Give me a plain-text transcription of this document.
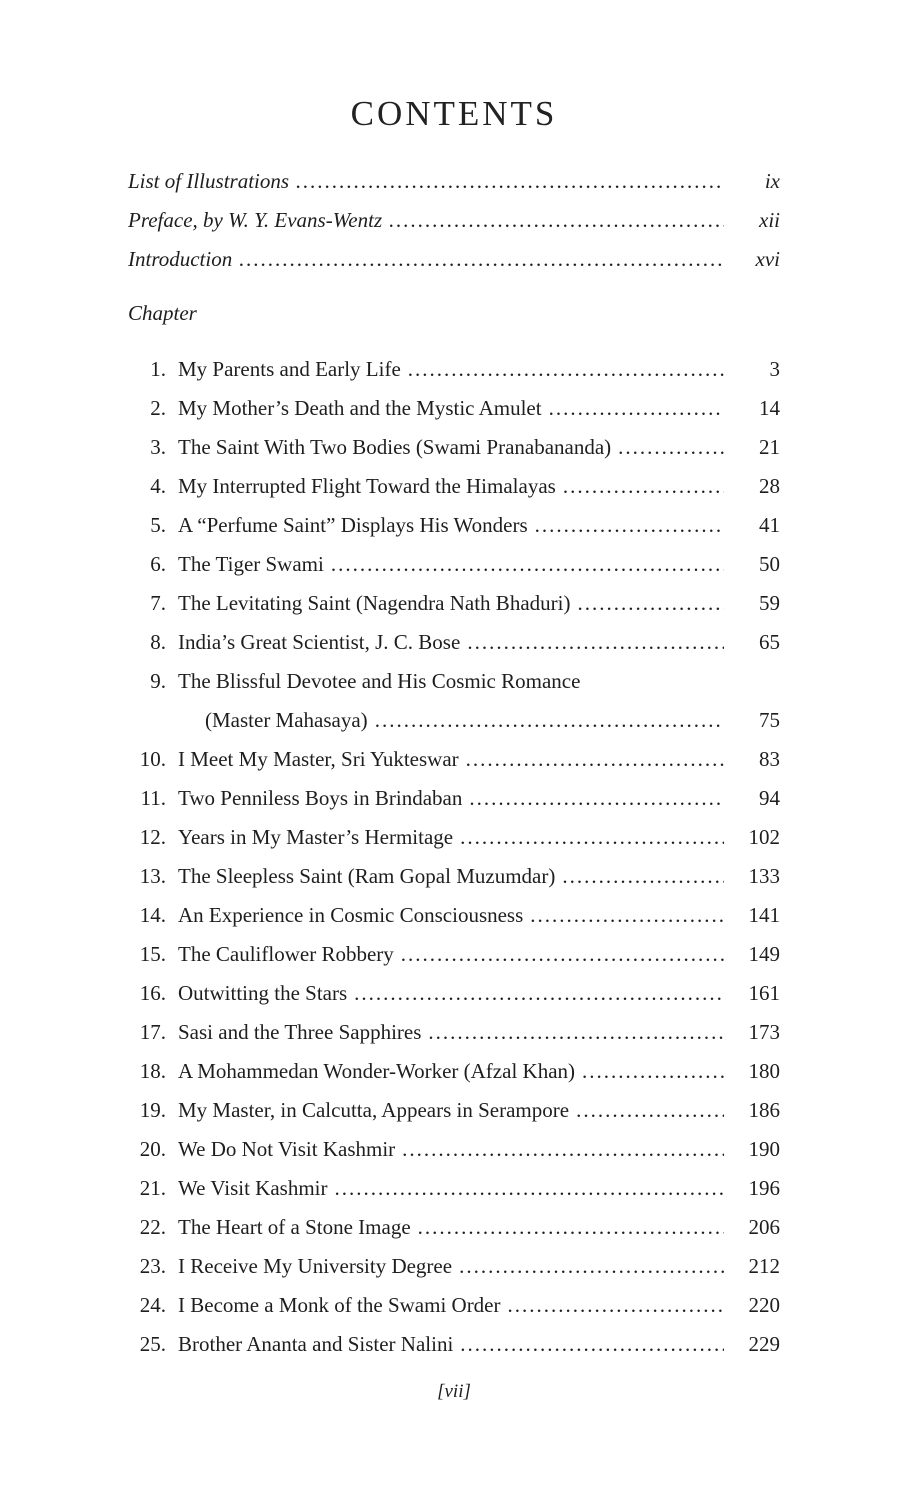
CONTENTS
List of Illustrations .....	ix
Preface, by W. Y. Evans-Wentz .....	xii
Introduction .....	xvi
Chapter
1. My Parents and Early Life .....	3
2. My Mother’s Death and the Mystic Amulet .....	14
3. The Saint With Two Bodies (Swami Pranabananda) .....	21
4. My Interrupted Flight Toward the Himalayas .....	28
5. A “Perfume Saint” Displays His Wonders .....	41
6. The Tiger Swami .....	50
7. The Levitating Saint (Nagendra Nath Bhaduri) .....	59
8. India’s Great Scientist, J. C. Bose .....	65
9. The Blissful Devotee and His Cosmic Romance
(Master Mahasaya) .....	75
10. I Meet My Master, Sri Yukteswar .....	83
11. Two Penniless Boys in Brindaban .....	94
12. Years in My Master’s Hermitage .....	102
13. The Sleepless Saint (Ram Gopal Muzumdar) .....	133
14. An Experience in Cosmic Consciousness .....	141
15. The Cauliflower Robbery .....	149
16. Outwitting the Stars .....	161
17. Sasi and the Three Sapphires .....	173
18. A Mohammedan Wonder-Worker (Afzal Khan) .....	180
19. My Master, in Calcutta, Appears in Serampore .....	186
20. We Do Not Visit Kashmir .....	190
21. We Visit Kashmir .....	196
22. The Heart of a Stone Image .....	206
23. I Receive My University Degree .....	212
24. I Become a Monk of the Swami Order .....	220
25. Brother Ananta and Sister Nalini .....	229
[vii]
